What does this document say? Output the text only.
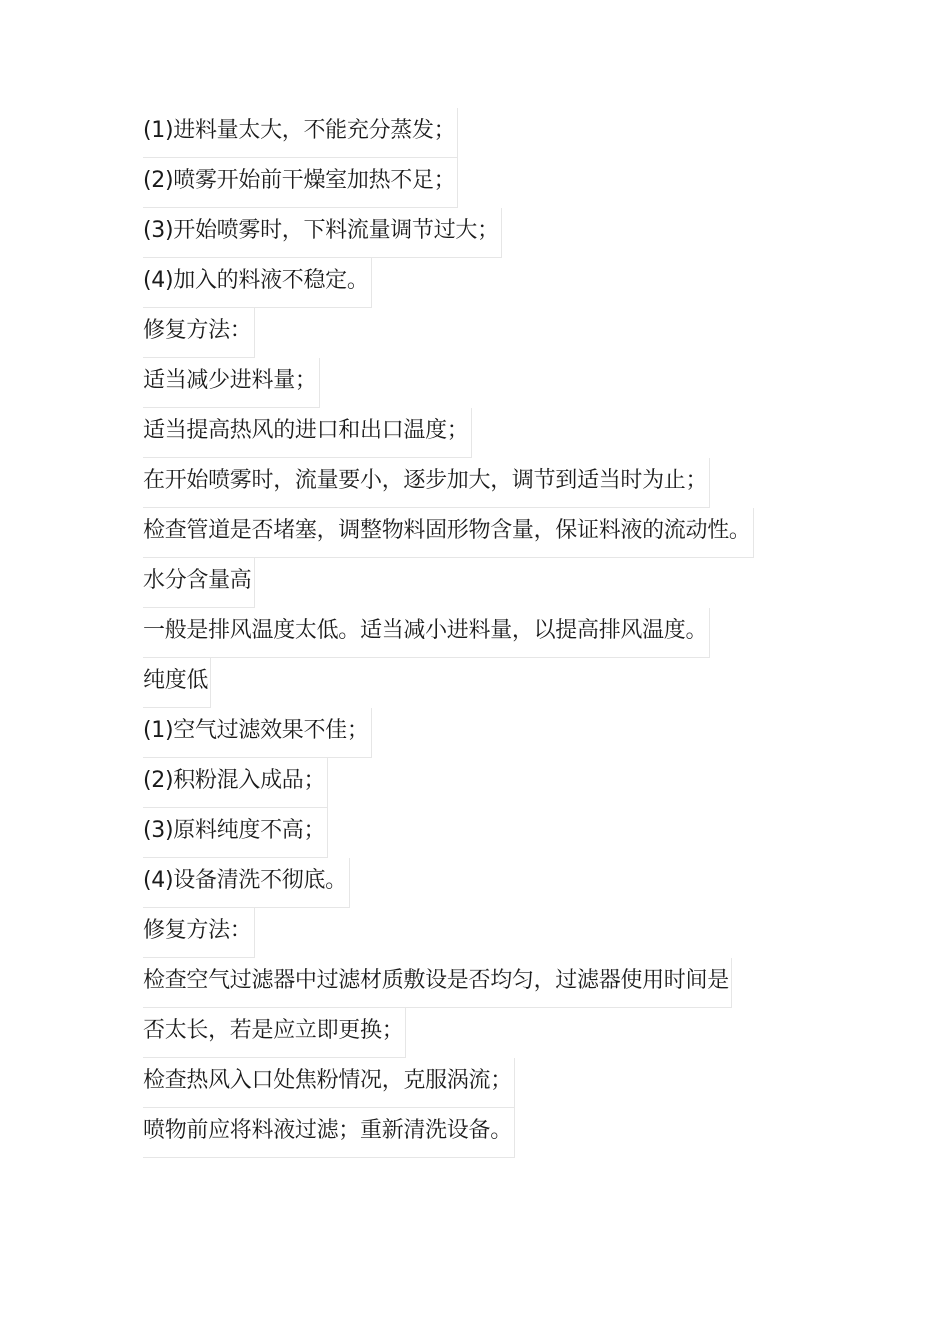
(1)进料量太大，不能充分蒸发；
(2)喷雾开始前干燥室加热不足；
(3)开始喷雾时，下料流量调节过大；
(4)加入的料液不稳定。
修复方法：
适当减少进料量；
适当提高热风的进口和出口温度；
在开始喷雾时，流量要小，逐步加大，调节到适当时为止；
检查管道是否堵塞，调整物料固形物含量，保证料液的流动性。
水分含量高
一般是排风温度太低。适当减小进料量，以提高排风温度。
纯度低
(1)空气过滤效果不佳；
(2)积粉混入成品；
(3)原料纯度不高；
(4)设备清洗不彻底。
修复方法：
检查空气过滤器中过滤材质敷设是否均匀，过滤器使用时间是
否太长，若是应立即更换；
检查热风入口处焦粉情况，克服涡流；
喷物前应将料液过滤；重新清洗设备。
